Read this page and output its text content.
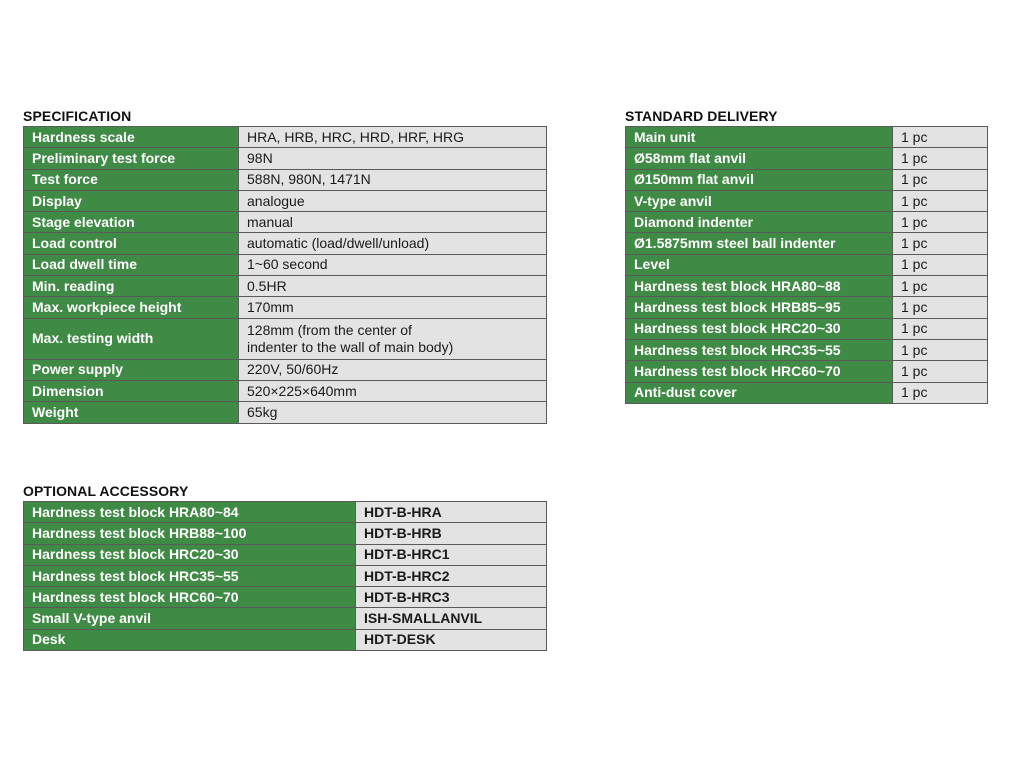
SPECIFICATION
Hardness scale	HRA, HRB, HRC, HRD, HRF, HRG

Preliminary test force	98N

Test force	588N, 980N, 1471N

Display	analogue

Stage elevation	manual

Load control	automatic (load/dwell/unload)

Load dwell time	1~60 second

Min. reading	0.5HR

Max. workpiece height	170mm

Max. testing width	128mm (from the center of
indenter to the wall of main body)

Power supply	220V, 50/60Hz

Dimension	520×225×640mm

Weight	65kg
STANDARD DELIVERY
Main unit	1 pc
Ø58mm flat anvil	1 pc
Ø150mm flat anvil	1 pc
V-type anvil	1 pc
Diamond indenter	1 pc
Ø1.5875mm steel ball indenter	1 pc
Level	1 pc
Hardness test block HRA80~88	1 pc
Hardness test block HRB85~95	1 pc
Hardness test block HRC20~30	1 pc
Hardness test block HRC35~55	1 pc
Hardness test block HRC60~70	1 pc
Anti-dust cover	1 pc
OPTIONAL ACCESSORY
Hardness test block HRA80~84	HDT-B-HRA
Hardness test block HRB88~100	HDT-B-HRB
Hardness test block HRC20~30	HDT-B-HRC1
Hardness test block HRC35~55	HDT-B-HRC2
Hardness test block HRC60~70	HDT-B-HRC3
Small V-type anvil	ISH-SMALLANVIL
Desk	HDT-DESK
